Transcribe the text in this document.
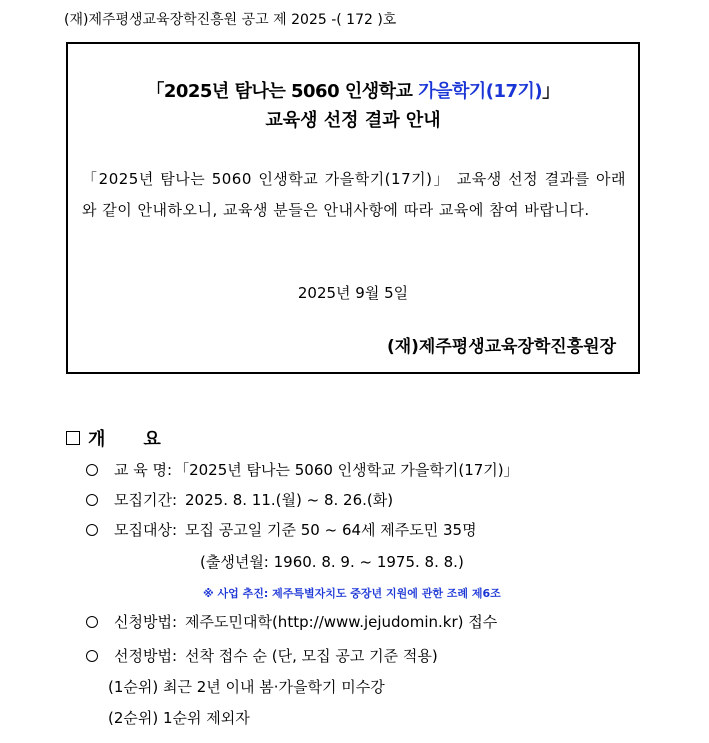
(재)제주평생교육장학진흥원 공고 제 2025 -( 172 )호
「2025년 탐나는 5060 인생학교 가을학기(17기)」
교육생 선정 결과 안내
「2025년 탐나는 5060 인생학교 가을학기(17기)」 교육생 선정 결과를 아래와 같이 안내하오니, 교육생 분들은 안내사항에 따라 교육에 참여 바랍니다.
2025년 9월 5일
(재)제주평생교육장학진흥원장
개 요
교 육 명: 「2025년 탐나는 5060 인생학교 가을학기(17기)」
모집기간: 2025. 8. 11.(월) ~ 8. 26.(화)
모집대상: 모집 공고일 기준 50 ~ 64세 제주도민 35명
(출생년월: 1960. 8. 9. ~ 1975. 8. 8.)
※ 사업 추진: 제주특별자치도 중장년 지원에 관한 조례 제6조
신청방법: 제주도민대학(http://www.jejudomin.kr) 접수
선정방법: 선착 접수 순 (단, 모집 공고 기준 적용)
(1순위) 최근 2년 이내 봄·가을학기 미수강
(2순위) 1순위 제외자
